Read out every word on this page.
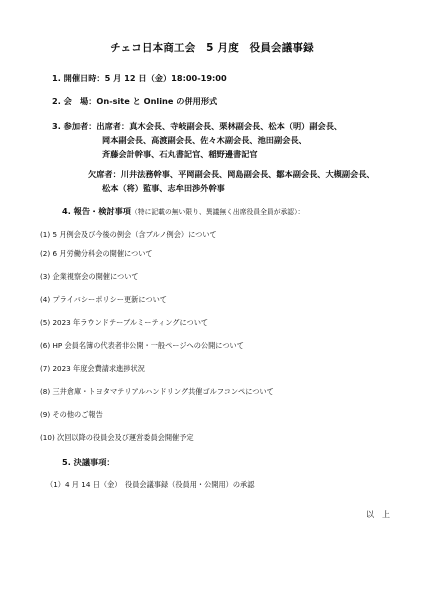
チェコ日本商工会　5 月度　役員会議事録
1. 開催日時：5 月 12 日（金）18:00-19:00
2. 会　場：On-site と Online の併用形式
3. 参加者：出席者：真木会長、寺岐副会長、栗林副会長、松本（明）副会長、
岡本副会長、高渡副会長、佐々木副会長、池田副会長、
斉藤会計幹事、石丸書記官、稲野邊書記官
欠席者：川井法務幹事、平岡副会長、岡島副会長、鄒本副会長、大槻副会長、
松本（将）監事、志牟田渉外幹事
4. 報告・検討事項（特に記載の無い限り、異議無く出席役員全員が承認）：
(1) 5 月例会及び今後の例会（含ブルノ例会）について
(2) 6 月労働分科会の開催について
(3) 企業視察会の開催について
(4) プライバシーポリシー更新について
(5) 2023 年ラウンドテーブルミーティングについて
(6) HP 会員名簿の代表者非公開・一般ページへの公開について
(7) 2023 年度会費請求進捗状況
(8) 三井倉庫・トヨタマテリアルハンドリング共催ゴルフコンペについて
(9) その他のご報告
(10) 次回以降の役員会及び運営委員会開催予定
5. 決議事項：
（1）4 月 14 日（金）　役員会議事録（役員用・公開用）の承認
以　上
